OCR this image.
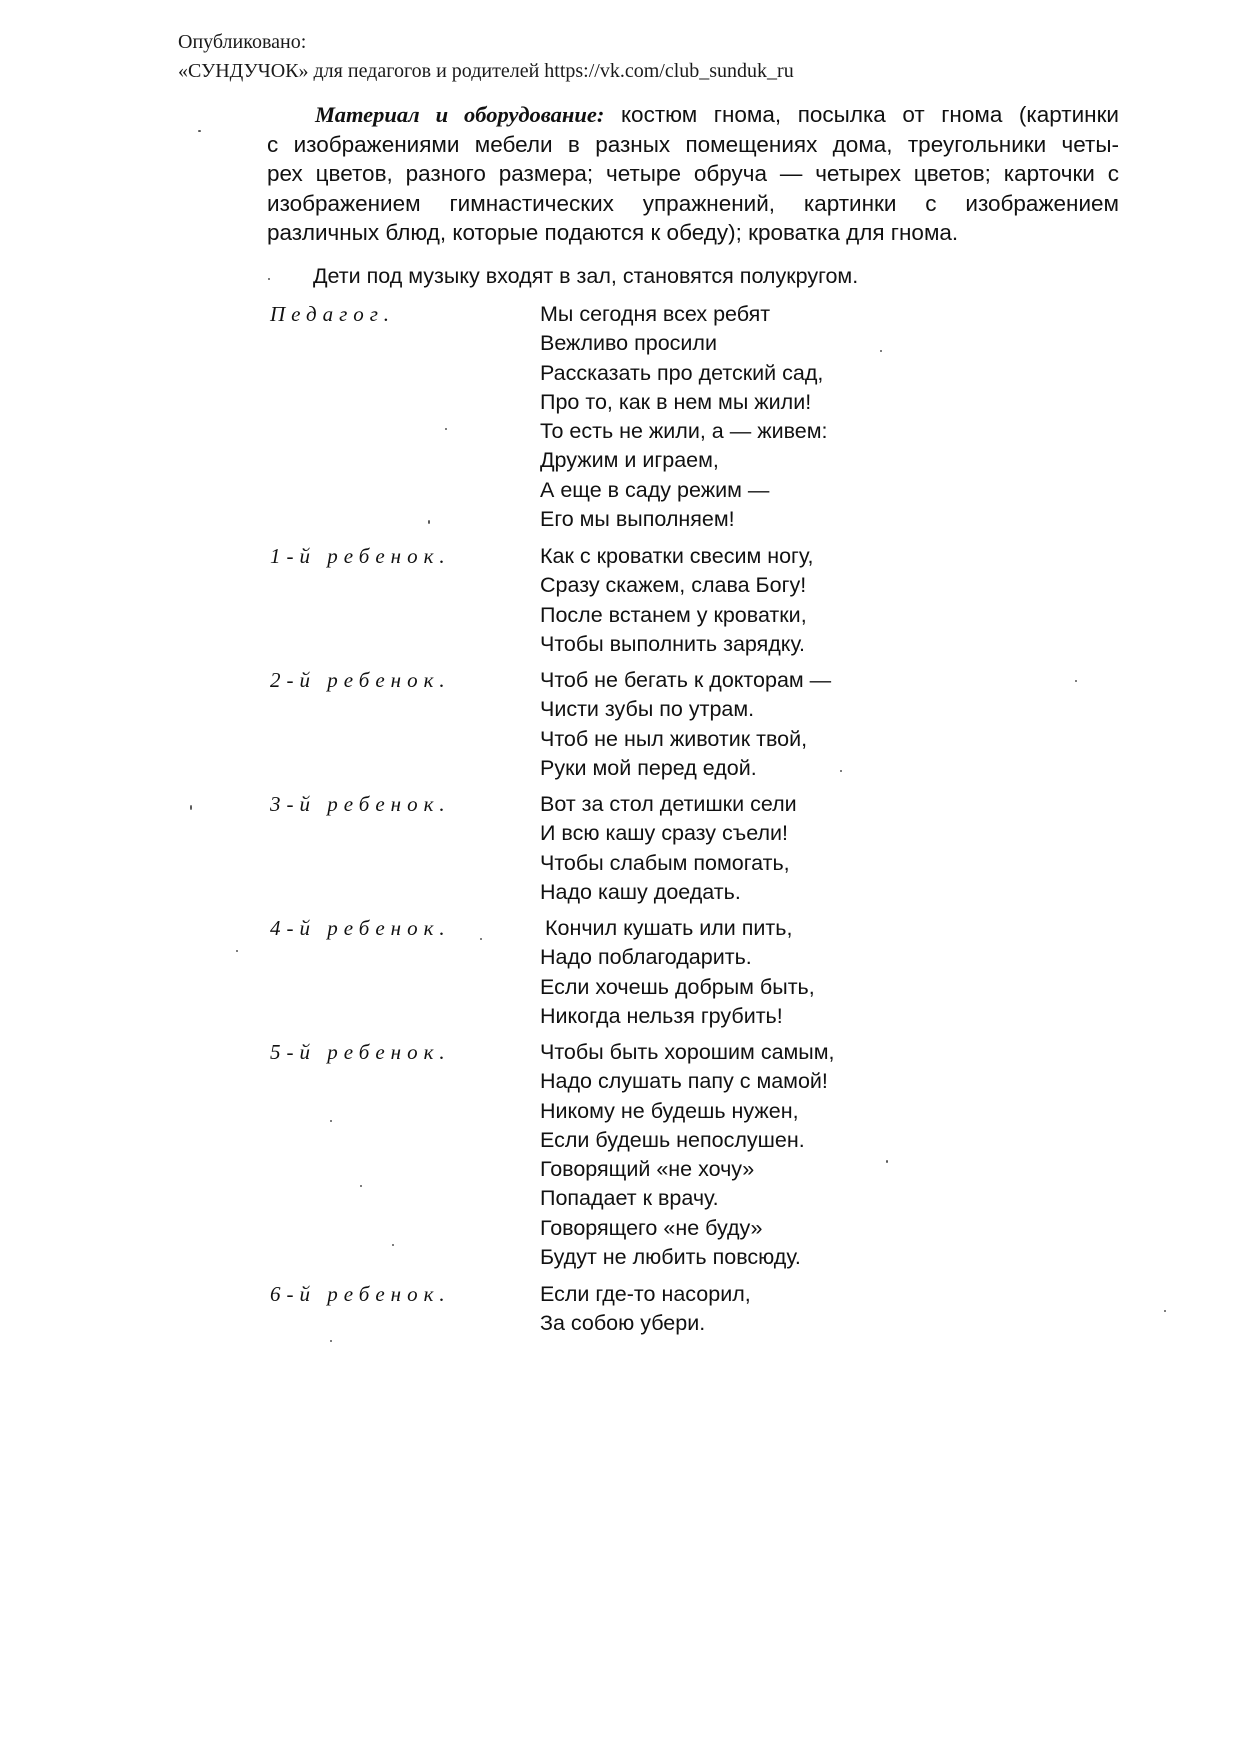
Опубликовано:
«СУНДУЧОК» для педагогов и родителей https://vk.com/club_sunduk_ru
Материал и оборудование: костюм гнома, посылка от гнома (картинки
с изображениями мебели в разных помещениях дома, треугольники четы-
рех цветов, разного размера; четыре обруча — четырех цветов; карточки с
изображением гимнастических упражнений, картинки с изображением
различных блюд, которые подаются к обеду); кроватка для гнома.
Дети под музыку входят в зал, становятся полукругом.
Педагог.	Мы сегодня всех ребят
Вежливо просили
Рассказать про детский сад,
Про то, как в нем мы жили!
То есть не жили, а — живем:
Дружим и играем,
А еще в саду режим —
Его мы выполняем!
1-й ребенок.	Как с кроватки свесим ногу,
Сразу скажем, слава Богу!
После встанем у кроватки,
Чтобы выполнить зарядку.
2-й ребенок.	Чтоб не бегать к докторам —
Чисти зубы по утрам.
Чтоб не ныл животик твой,
Руки мой перед едой.
3-й ребенок.	Вот за стол детишки сели
И всю кашу сразу съели!
Чтобы слабым помогать,
Надо кашу доедать.
4-й ребенок.	Кончил кушать или пить,
Надо поблагодарить.
Если хочешь добрым быть,
Никогда нельзя грубить!
5-й ребенок.	Чтобы быть хорошим самым,
Надо слушать папу с мамой!
Никому не будешь нужен,
Если будешь непослушен.
Говорящий «не хочу»
Попадает к врачу.
Говорящего «не буду»
Будут не любить повсюду.
6-й ребенок.	Если где-то насорил,
За собою убери.
